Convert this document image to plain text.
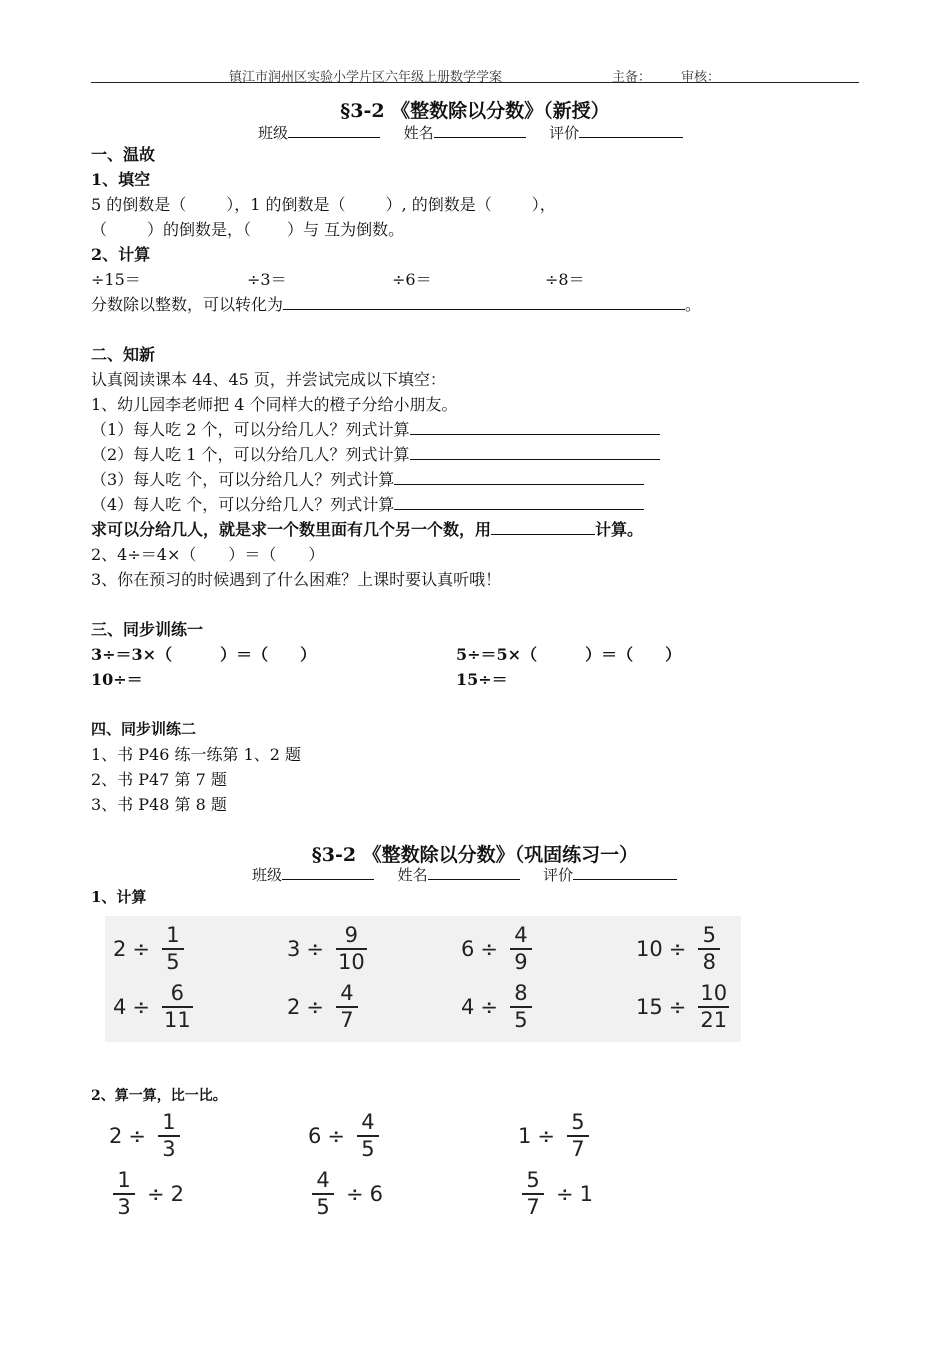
镇江市润州区实验小学片区六年级上册数学学案	主备： 审核：
§3-2 《整数除以分数》（新授）
班级	姓名	评价
一、温故
1、填空
5 的倒数是（	），1 的倒数是（	）, 的倒数是（	），
（	）的倒数是，（ ）与 互为倒数。
2、计算
÷15＝	÷3＝	÷6＝	÷8＝
分数除以整数，可以转化为	。
二、知新
认真阅读课本 44、45 页，并尝试完成以下填空：
1、幼儿园李老师把 4 个同样大的橙子分给小朋友。
（1）每人吃 2 个，可以分给几人？列式计算
（2）每人吃 1 个，可以分给几人？列式计算
（3）每人吃 个，可以分给几人？列式计算
（4）每人吃 个，可以分给几人？列式计算
求可以分给几人，就是求一个数里面有几个另一个数，用	计算。
2、4÷＝4×（　　）＝（　　）
3、你在预习的时候遇到了什么困难？上课时要认真听哦！
三、同步训练一
3÷＝3×（　　　）＝（　　）	5÷＝5×（　　　）＝（　　）
10÷＝	15÷＝
四、同步训练二
1、书 P46 练一练第 1、2 题
2、书 P47 第 7 题
3、书 P48 第 8 题
§3-2 《整数除以分数》（巩固练习一）
班级	姓名	评价
1、计算
$2 \div \frac{1}{5}$	$3 \div \frac{9}{10}$	$6 \div \frac{4}{9}$	$10 \div \frac{5}{8}$
$4 \div \frac{6}{11}$	$2 \div \frac{4}{7}$	$4 \div \frac{8}{5}$	$15 \div \frac{10}{21}$
2、算一算，比一比。
$2 \div \frac{1}{3}$	$6 \div \frac{4}{5}$	$1 \div \frac{5}{7}$
$\frac{1}{3} \div 2$	$\frac{4}{5} \div 6$	$\frac{5}{7} \div 1$
